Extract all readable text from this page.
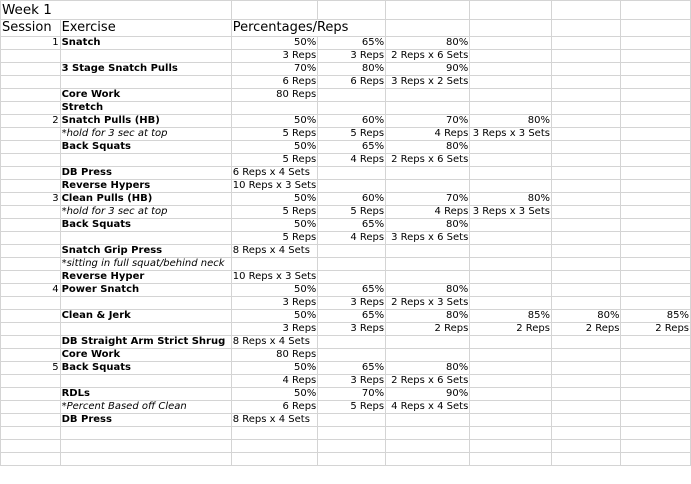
Week 1							
Session	Exercise	Percentages/Reps					
1	Snatch	50%	65%	80%			
		3 Reps	3 Reps	2 Reps x 6 Sets			
	3 Stage Snatch Pulls	70%	80%	90%			
		6 Reps	6 Reps	3 Reps x 2 Sets			
	Core Work	80 Reps					
	Stretch						
2	Snatch Pulls (HB)	50%	60%	70%	80%		
	*hold for 3 sec at top	5 Reps	5 Reps	4 Reps	3 Reps x 3 Sets		
	Back Squats	50%	65%	80%			
		5 Reps	4 Reps	2 Reps x 6 Sets			
	DB Press	6 Reps x 4 Sets					
	Reverse Hypers	10 Reps x 3 Sets					
3	Clean Pulls (HB)	50%	60%	70%	80%		
	*hold for 3 sec at top	5 Reps	5 Reps	4 Reps	3 Reps x 3 Sets		
	Back Squats	50%	65%	80%			
		5 Reps	4 Reps	3 Reps x 6 Sets			
	Snatch Grip Press	8 Reps x 4 Sets					
	*sitting in full squat/behind neck						
	Reverse Hyper	10 Reps x 3 Sets					
4	Power Snatch	50%	65%	80%			
		3 Reps	3 Reps	2 Reps x 3 Sets			
	Clean & Jerk	50%	65%	80%	85%	80%	85%
		3 Reps	3 Reps	2 Reps	2 Reps	2 Reps	2 Reps
	DB Straight Arm Strict Shrug	8 Reps x 4 Sets					
	Core Work	80 Reps					
5	Back Squats	50%	65%	80%			
		4 Reps	3 Reps	2 Reps x 6 Sets			
	RDLs	50%	70%	90%			
	*Percent Based off Clean	6 Reps	5 Reps	4 Reps x 4 Sets			
	DB Press	8 Reps x 4 Sets					
